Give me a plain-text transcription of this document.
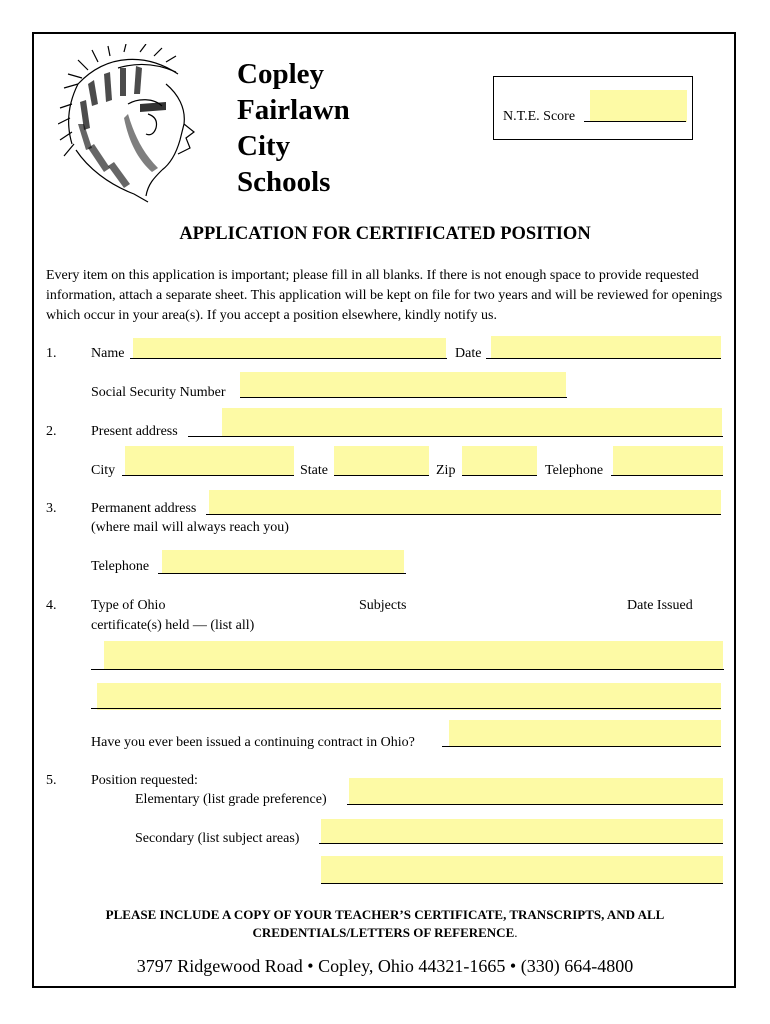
Copley
Fairlawn
City
Schools
N.T.E. Score
APPLICATION FOR CERTIFICATED POSITION
Every item on this application is important; please fill in all blanks. If there is not enough space to provide requested information, attach a separate sheet. This application will be kept on file for two years and will be reviewed for openings which occur in your area(s). If you accept a position elsewhere, kindly notify us.
1. Name	Date
Social Security Number
2. Present address
City	State	Zip	Telephone
3. Permanent address
(where mail will always reach you)
Telephone
4. Type of Ohio
certificate(s) held — (list all)
Subjects	Date Issued
Have you ever been issued a continuing contract in Ohio?
5. Position requested:
Elementary (list grade preference)
Secondary (list subject areas)
PLEASE INCLUDE A COPY OF YOUR TEACHER’S CERTIFICATE, TRANSCRIPTS, AND ALL
CREDENTIALS/LETTERS OF REFERENCE.
3797 Ridgewood Road • Copley, Ohio 44321-1665 • (330) 664-4800
